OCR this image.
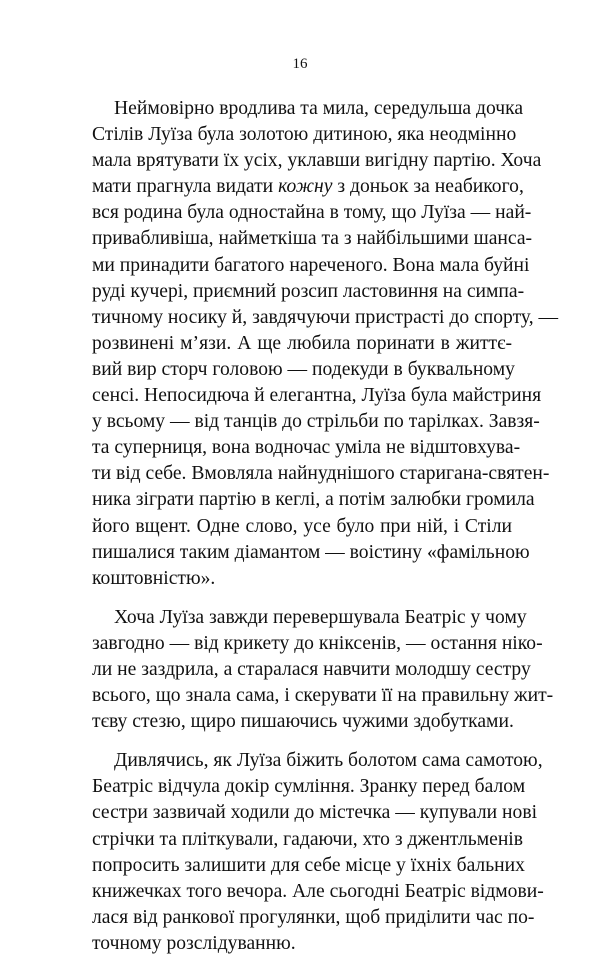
16

Неймовірно вродлива та мила, середульша дочка
Стілів Луїза була золотою дитиною, яка неодмінно
мала врятувати їх усіх, уклавши вигідну партію. Хоча
мати прагнула видати кожну з доньок за неабикого,
вся родина була одностайна в тому, що Луїза — най-
привабливіша, найметкіша та з найбільшими шанса-
ми принадити багатого нареченого. Вона мала буйні
руді кучері, приємний розсип ластовиння на симпа-
тичному носику й, завдячуючи пристрасті до спорту, —
розвинені м’язи. А ще любила поринати в життє-
вий вир сторч головою — подекуди в буквальному
сенсі. Непосидюча й елегантна, Луїза була майстриня
у всьому — від танців до стрільби по тарілках. Завзя-
та суперниця, вона водночас уміла не відштовхува-
ти від себе. Вмовляла найнуднішого старигана-святен-
ника зіграти партію в кеглі, а потім залюбки громила
його вщент. Одне слово, усе було при ній, і Стіли
пишалися таким діамантом — воістину «фамільною
коштовністю».

Хоча Луїза завжди перевершувала Беатріс у чому
завгодно — від крикету до кніксенів, — остання ніко-
ли не заздрила, а старалася навчити молодшу сестру
всього, що знала сама, і скерувати її на правильну жит-
тєву стезю, щиро пишаючись чужими здобутками.

Дивлячись, як Луїза біжить болотом сама самотою,
Беатріс відчула докір сумління. Зранку перед балом
сестри зазвичай ходили до містечка — купували нові
стрічки та пліткували, гадаючи, хто з джентльменів
попросить залишити для себе місце у їхніх бальних
книжечках того вечора. Але сьогодні Беатріс відмови-
лася від ранкової прогулянки, щоб приділити час по-
точному розслідуванню.
